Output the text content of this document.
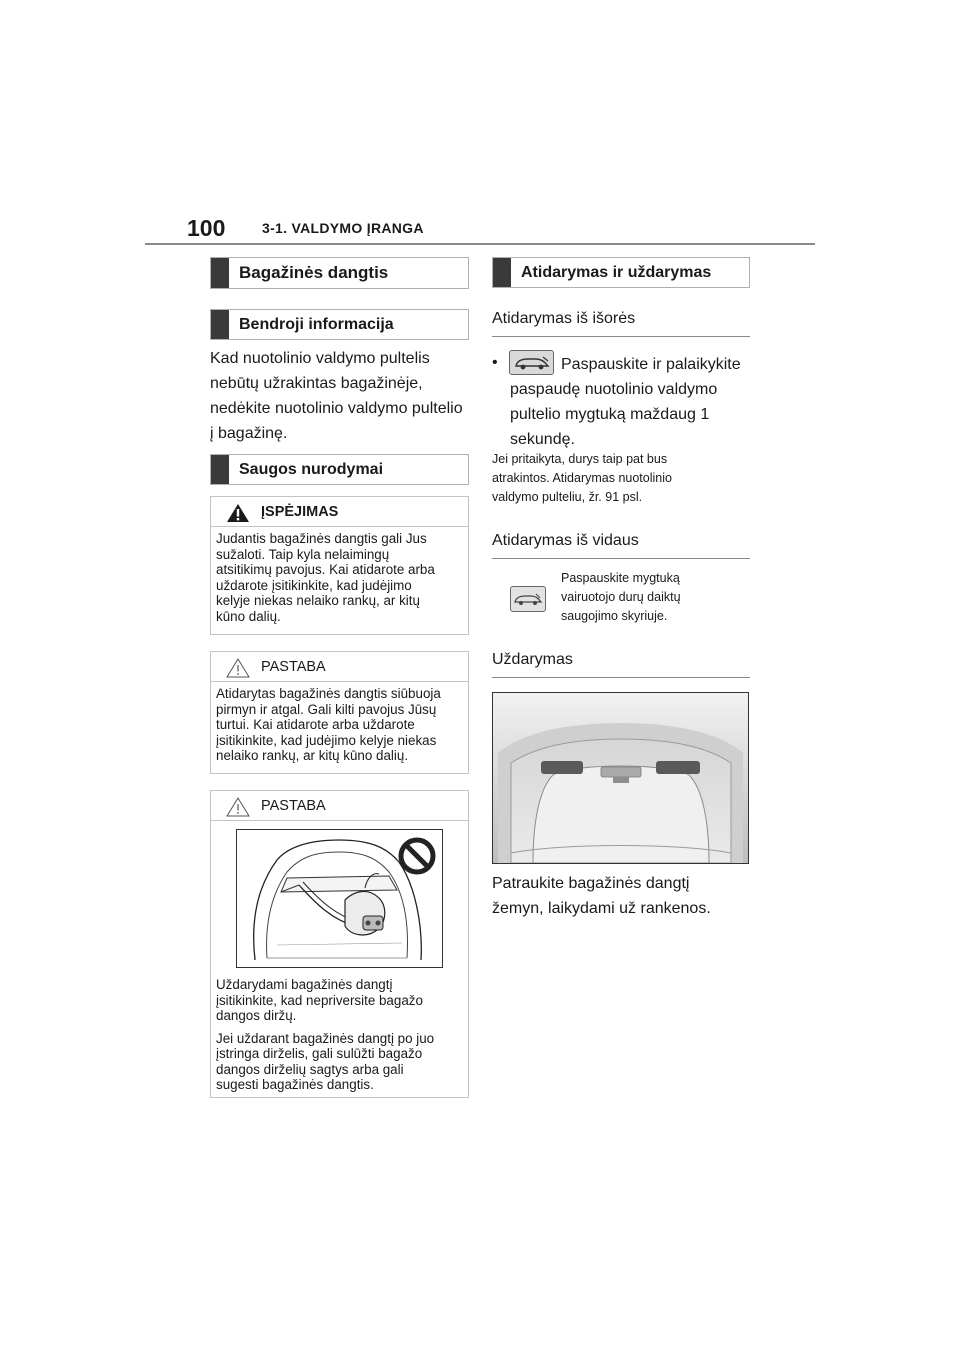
100	3-1. VALDYMO ĮRANGA
Bagažinės dangtis
Bendroji informacija
Kad nuotolinio valdymo pultelis
nebūtų užrakintas bagažinėje,
nedėkite nuotolinio valdymo pultelio
į bagažinę.
Saugos nurodymai
ĮSPĖJIMAS
Judantis bagažinės dangtis gali Jus
sužaloti. Taip kyla nelaimingų
atsitikimų pavojus. Kai atidarote arba
uždarote įsitikinkite, kad judėjimo
kelyje niekas nelaiko rankų, ar kitų
kūno dalių.
PASTABA
Atidarytas bagažinės dangtis siūbuoja
pirmyn ir atgal. Gali kilti pavojus Jūsų
turtui. Kai atidarote arba uždarote
įsitikinkite, kad judėjimo kelyje niekas
nelaiko rankų, ar kitų kūno dalių.
PASTABA

Uždarydami bagažinės dangtį
įsitikinkite, kad nepriversite bagažo
dangos diržų.

Jei uždarant bagažinės dangtį po juo
įstringa dirželis, gali sulūžti bagažo
dangos dirželių sagtys arba gali
sugesti bagažinės dangtis.

Atidarymas ir uždarymas
Atidarymas iš išorės
•	Paspauskite ir palaikykite
paspaudę nuotolinio valdymo
pultelio mygtuką maždaug 1
sekundę.
Jei pritaikyta, durys taip pat bus
atrakintos. Atidarymas nuotolinio
valdymo pulteliu, žr. 91 psl.
Atidarymas iš vidaus
Paspauskite mygtuką
vairuotojo durų daiktų
saugojimo skyriuje.
Uždarymas
Patraukite bagažinės dangtį
žemyn, laikydami už rankenos.
